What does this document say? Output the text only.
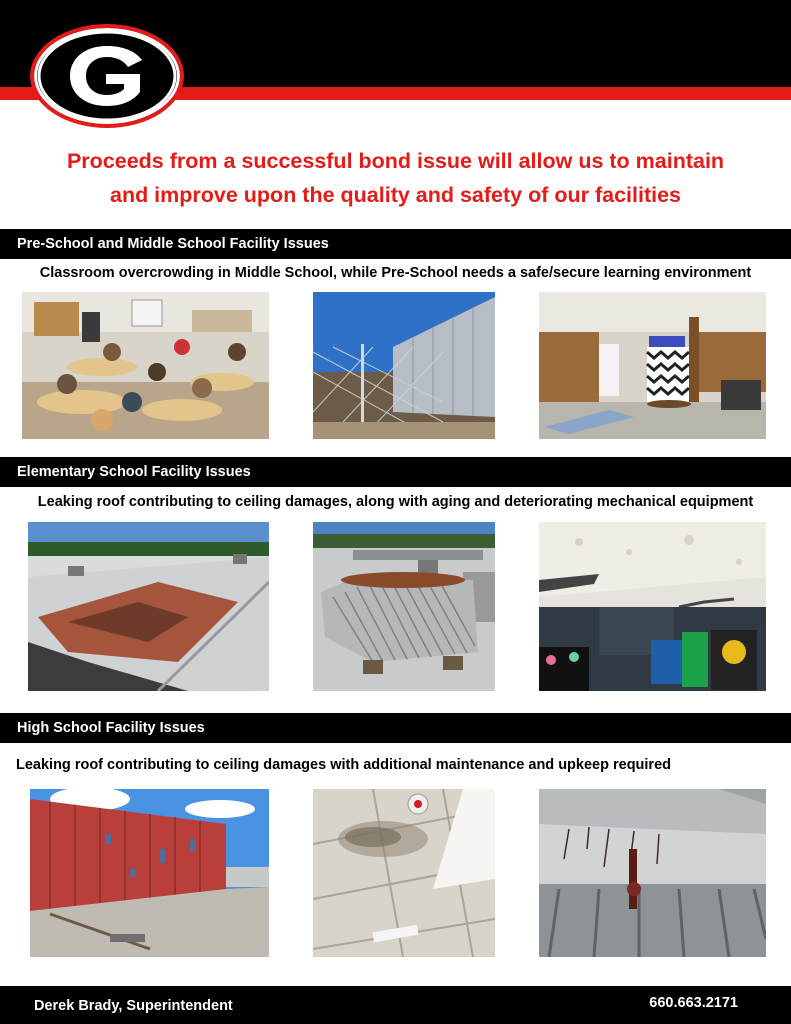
Proceeds from a successful bond issue will allow us to maintain
and improve upon the quality and safety of our facilities
Pre-School and Middle School Facility Issues
Classroom overcrowding in Middle School, while Pre-School needs a safe/secure learning environment
Elementary School Facility Issues
Leaking roof contributing to ceiling damages, along with aging and deteriorating mechanical equipment
High School Facility Issues
Leaking roof contributing to ceiling damages with additional maintenance and upkeep required
Derek Brady, Superintendent	660.663.2171
